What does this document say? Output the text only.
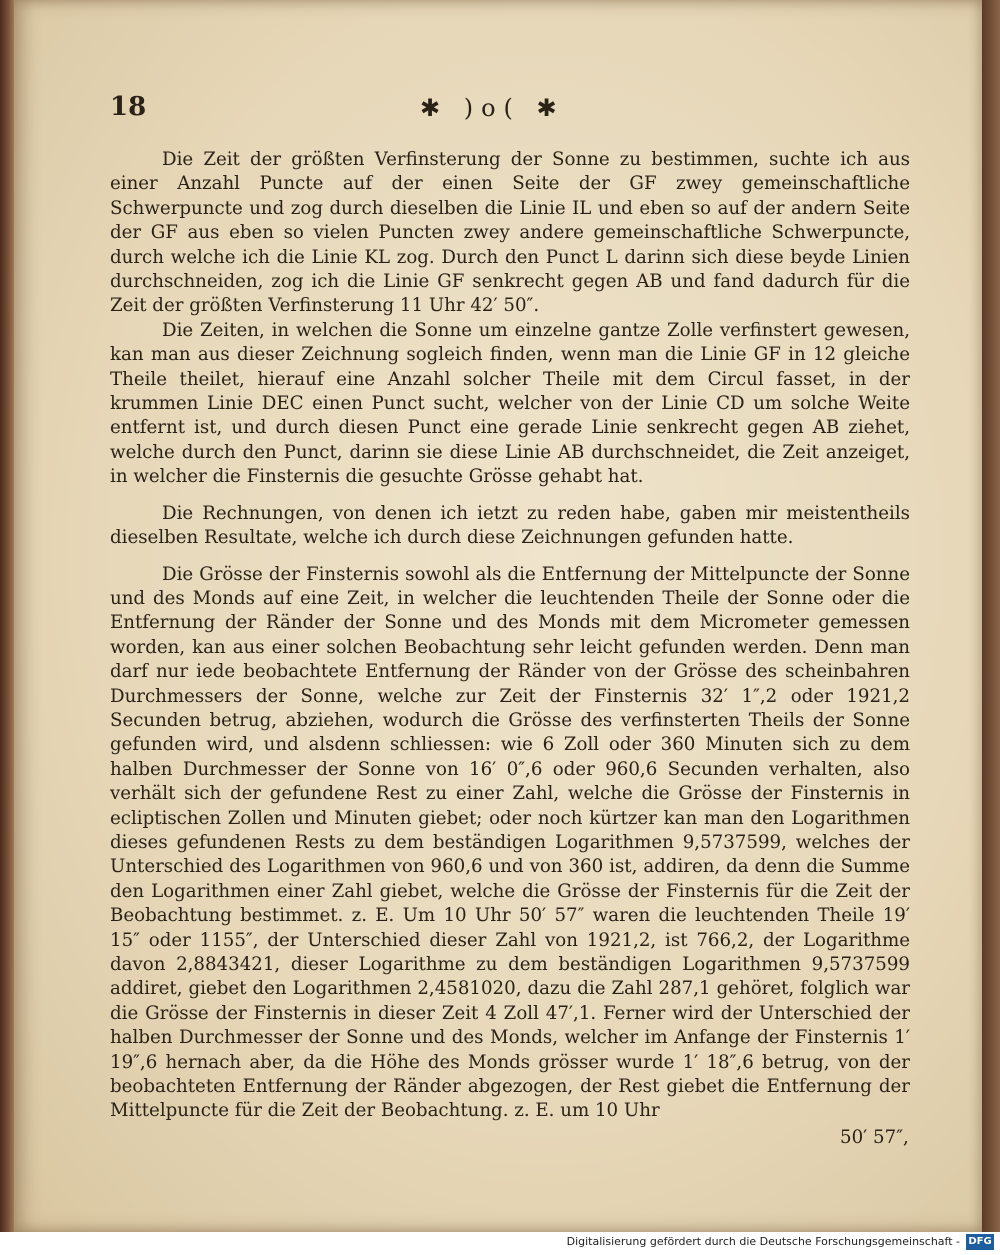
18	✱ )o( ✱

Die Zeit der größten Verfinsterung der Sonne zu bestimmen, suchte ich aus einer Anzahl Puncte auf der einen Seite der GF zwey gemeinschaftliche Schwerpuncte und zog durch dieselben die Linie IL und eben so auf der andern Seite der GF aus eben so vielen Puncten zwey andere gemeinschaftliche Schwerpuncte, durch welche ich die Linie KL zog. Durch den Punct L darinn sich diese beyde Linien durchschneiden, zog ich die Linie GF senkrecht gegen AB und fand dadurch für die Zeit der größten Verfinsterung 11 Uhr 42′ 50″.

Die Zeiten, in welchen die Sonne um einzelne gantze Zolle verfinstert gewesen, kan man aus dieser Zeichnung sogleich finden, wenn man die Linie GF in 12 gleiche Theile theilet, hierauf eine Anzahl solcher Theile mit dem Circul fasset, in der krummen Linie DEC einen Punct sucht, welcher von der Linie CD um solche Weite entfernt ist, und durch diesen Punct eine gerade Linie senkrecht gegen AB ziehet, welche durch den Punct, darinn sie diese Linie AB durchschneidet, die Zeit anzeiget, in welcher die Finsternis die gesuchte Grösse gehabt hat.

Die Rechnungen, von denen ich ietzt zu reden habe, gaben mir meistentheils dieselben Resultate, welche ich durch diese Zeichnungen gefunden hatte.

Die Grösse der Finsternis sowohl als die Entfernung der Mittelpuncte der Sonne und des Monds auf eine Zeit, in welcher die leuchtenden Theile der Sonne oder die Entfernung der Ränder der Sonne und des Monds mit dem Micrometer gemessen worden, kan aus einer solchen Beobachtung sehr leicht gefunden werden. Denn man darf nur iede beobachtete Entfernung der Ränder von der Grösse des scheinbahren Durchmessers der Sonne, welche zur Zeit der Finsternis 32′ 1″,2 oder 1921,2 Secunden betrug, abziehen, wodurch die Grösse des verfinsterten Theils der Sonne gefunden wird, und alsdenn schliessen: wie 6 Zoll oder 360 Minuten sich zu dem halben Durchmesser der Sonne von 16′ 0″,6 oder 960,6 Secunden verhalten, also verhält sich der gefundene Rest zu einer Zahl, welche die Grösse der Finsternis in ecliptischen Zollen und Minuten giebet; oder noch kürtzer kan man den Logarithmen dieses gefundenen Rests zu dem beständigen Logarithmen 9,5737599, welches der Unterschied des Logarithmen von 960,6 und von 360 ist, addiren, da denn die Summe den Logarithmen einer Zahl giebet, welche die Grösse der Finsternis für die Zeit der Beobachtung bestimmet. z. E. Um 10 Uhr 50′ 57″ waren die leuchtenden Theile 19′ 15″ oder 1155″, der Unterschied dieser Zahl von 1921,2, ist 766,2, der Logarithme davon 2,8843421, dieser Logarithme zu dem beständigen Logarithmen 9,5737599 addiret, giebet den Logarithmen 2,4581020, dazu die Zahl 287,1 gehöret, folglich war die Grösse der Finsternis in dieser Zeit 4 Zoll 47′,1. Ferner wird der Unterschied der halben Durchmesser der Sonne und des Monds, welcher im Anfange der Finsternis 1′ 19″,6 hernach aber, da die Höhe des Monds grösser wurde 1′ 18″,6 betrug, von der beobachteten Entfernung der Ränder abgezogen, der Rest giebet die Entfernung der Mittelpuncte für die Zeit der Beobachtung. z. E. um 10 Uhr

50′ 57″,
Digitalisierung gefördert durch die Deutsche Forschungsgemeinschaft - DFG
